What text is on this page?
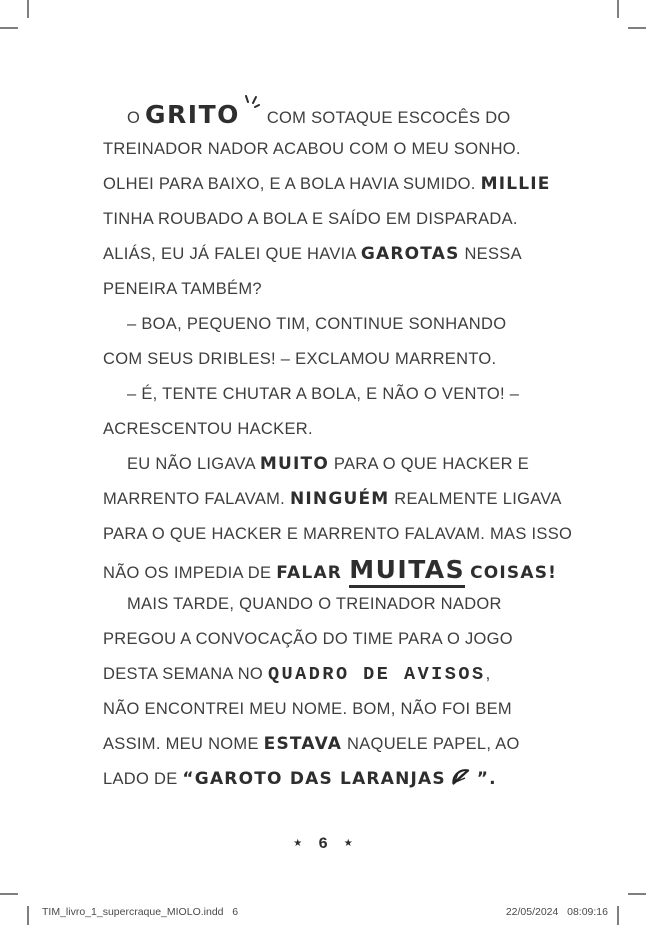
O GRITO  COM SOTAQUE ESCOCÊS DO
TREINADOR NADOR ACABOU COM O MEU SONHO.
OLHEI PARA BAIXO, E A BOLA HAVIA SUMIDO. MILLIE
TINHA ROUBADO A BOLA E SAÍDO EM DISPARADA.
ALIÁS, EU JÁ FALEI QUE HAVIA GAROTAS NESSA
PENEIRA TAMBÉM?
– BOA, PEQUENO TIM, CONTINUE SONHANDO
COM SEUS DRIBLES! – EXCLAMOU MARRENTO.
– É, TENTE CHUTAR A BOLA, E NÃO O VENTO! –
ACRESCENTOU HACKER.
EU NÃO LIGAVA MUITO PARA O QUE HACKER E
MARRENTO FALAVAM. NINGUÉM REALMENTE LIGAVA
PARA O QUE HACKER E MARRENTO FALAVAM. MAS ISSO
NÃO OS IMPEDIA DE FALAR MUITAS COISAS!
MAIS TARDE, QUANDO O TREINADOR NADOR
PREGOU A CONVOCAÇÃO DO TIME PARA O JOGO
DESTA SEMANA NO QUADRO DE AVISOS,
NÃO ENCONTREI MEU NOME. BOM, NÃO FOI BEM
ASSIM. MEU NOME ESTAVA NAQUELE PAPEL, AO
LADO DE “GAROTO DAS LARANJAS ”.
★ 6 ★
TIM_livro_1_supercraque_MIOLO.indd   6	22/05/2024   08:09:16
